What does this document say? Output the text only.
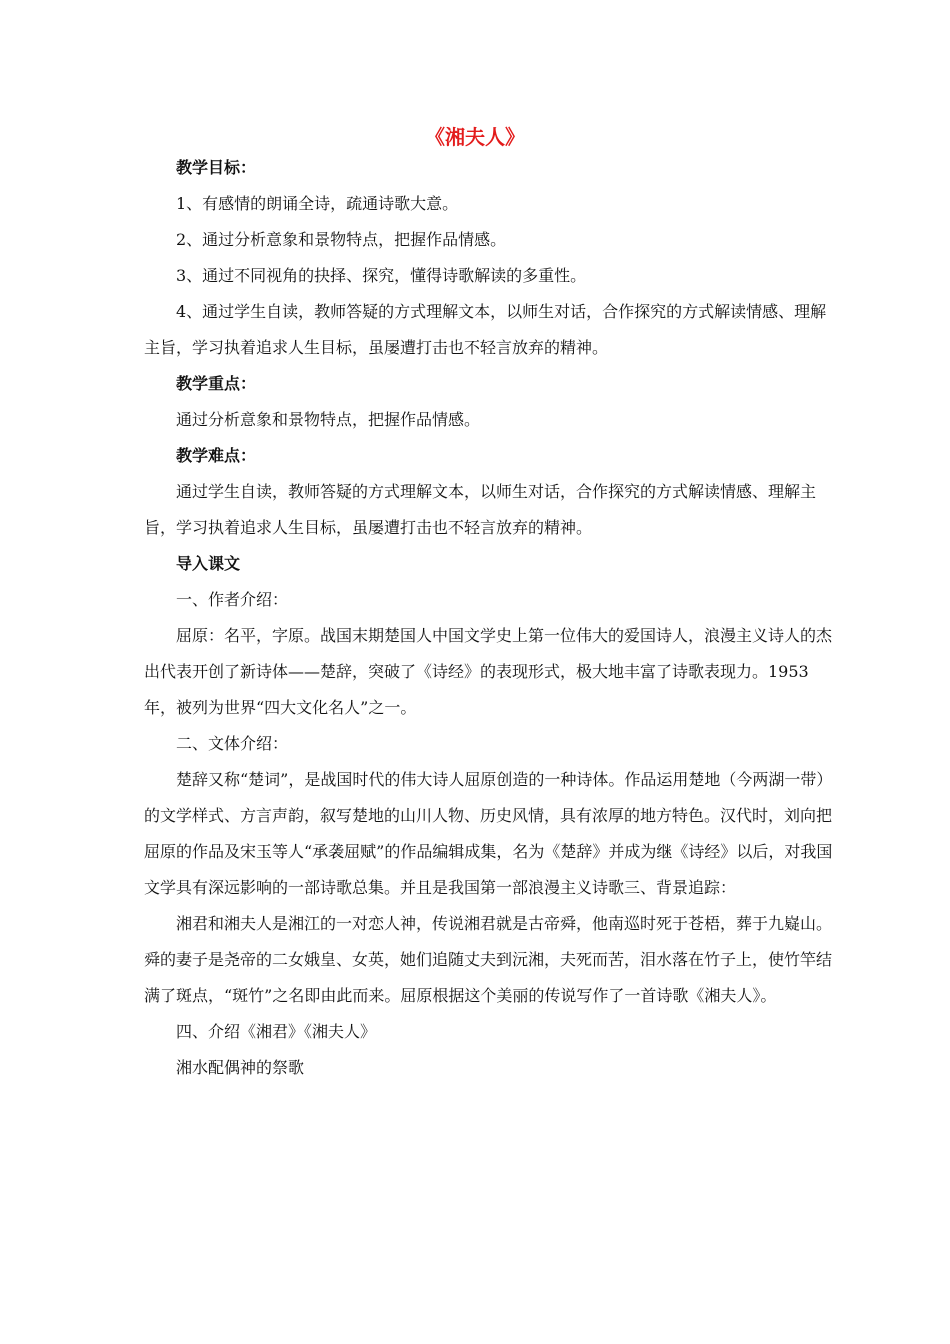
《湘夫人》

教学目标：

1、有感情的朗诵全诗，疏通诗歌大意。

2、通过分析意象和景物特点，把握作品情感。

3、通过不同视角的抉择、探究，懂得诗歌解读的多重性。

4、通过学生自读，教师答疑的方式理解文本，以师生对话，合作探究的方式解读情感、理解主旨，学习执着追求人生目标，虽屡遭打击也不轻言放弃的精神。

教学重点：

通过分析意象和景物特点，把握作品情感。

教学难点：

通过学生自读，教师答疑的方式理解文本，以师生对话，合作探究的方式解读情感、理解主旨，学习执着追求人生目标，虽屡遭打击也不轻言放弃的精神。

导入课文

一、作者介绍：

屈原：名平，字原。战国末期楚国人中国文学史上第一位伟大的爱国诗人，浪漫主义诗人的杰出代表开创了新诗体——楚辞，突破了《诗经》的表现形式，极大地丰富了诗歌表现力。1953年，被列为世界“四大文化名人”之一。

二、文体介绍：

楚辞又称“楚词”，是战国时代的伟大诗人屈原创造的一种诗体。作品运用楚地（今两湖一带）的文学样式、方言声韵，叙写楚地的山川人物、历史风情，具有浓厚的地方特色。汉代时，刘向把屈原的作品及宋玉等人“承袭屈赋”的作品编辑成集，名为《楚辞》并成为继《诗经》以后，对我国文学具有深远影响的一部诗歌总集。并且是我国第一部浪漫主义诗歌三、背景追踪：

湘君和湘夫人是湘江的一对恋人神，传说湘君就是古帝舜，他南巡时死于苍梧，葬于九嶷山。舜的妻子是尧帝的二女娥皇、女英，她们追随丈夫到沅湘，夫死而苦，泪水落在竹子上，使竹竿结满了斑点，“斑竹”之名即由此而来。屈原根据这个美丽的传说写作了一首诗歌《湘夫人》。

四、介绍《湘君》《湘夫人》

湘水配偶神的祭歌
